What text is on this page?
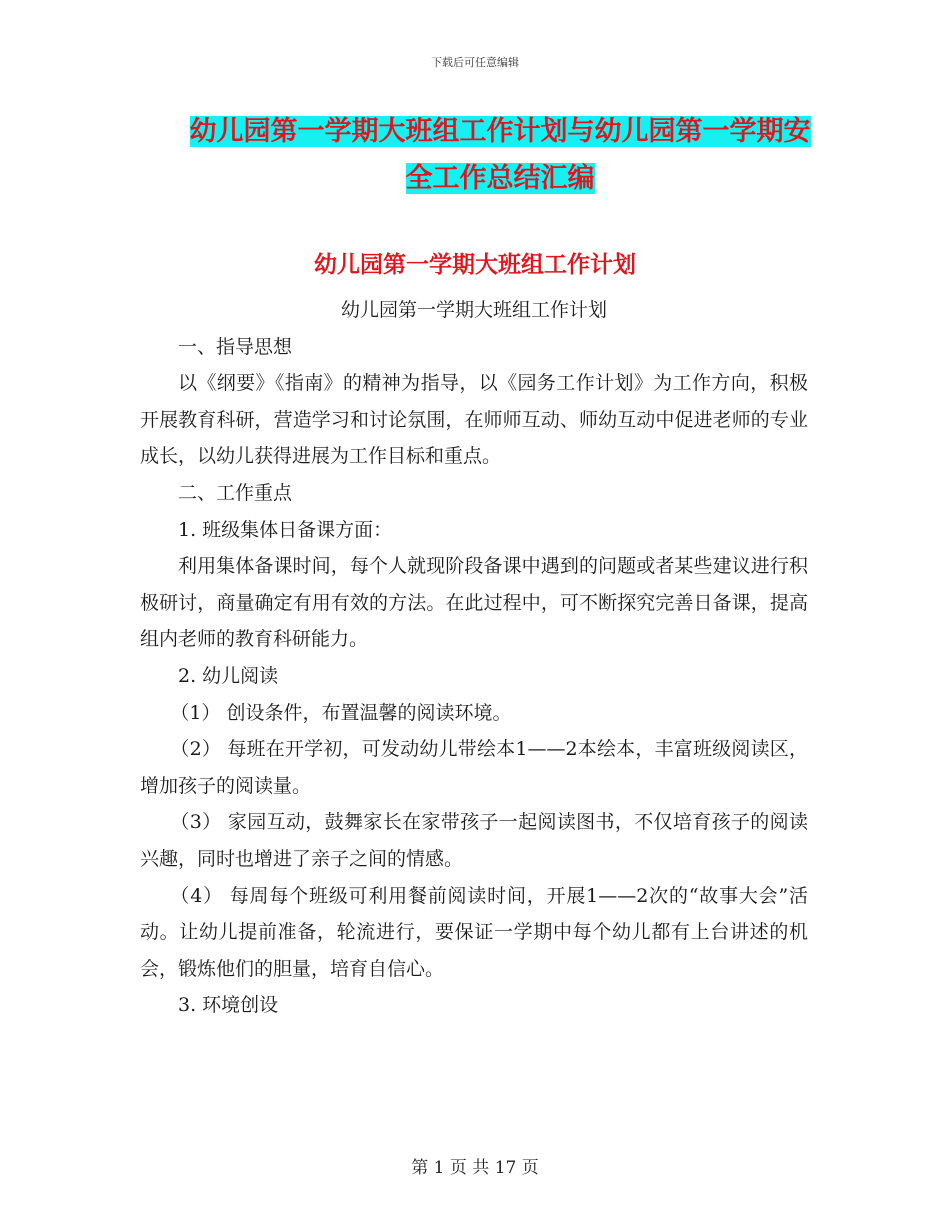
下载后可任意编辑
幼儿园第一学期大班组工作计划与幼儿园第一学期安
全工作总结汇编
幼儿园第一学期大班组工作计划

幼儿园第一学期大班组工作计划

一、指导思想

以《纲要》《指南》的精神为指导，以《园务工作计划》为工作方向，积极开展教育科研，营造学习和讨论氛围，在师师互动、师幼互动中促进老师的专业成长，以幼儿获得进展为工作目标和重点。

二、工作重点

1. 班级集体日备课方面：

利用集体备课时间，每个人就现阶段备课中遇到的问题或者某些建议进行积极研讨，商量确定有用有效的方法。在此过程中，可不断探究完善日备课，提高组内老师的教育科研能力。

2. 幼儿阅读

（1） 创设条件，布置温馨的阅读环境。

（2） 每班在开学初，可发动幼儿带绘本1——2本绘本，丰富班级阅读区，增加孩子的阅读量。

（3） 家园互动，鼓舞家长在家带孩子一起阅读图书，不仅培育孩子的阅读兴趣，同时也增进了亲子之间的情感。

（4） 每周每个班级可利用餐前阅读时间，开展1——2次的“故事大会”活动。让幼儿提前准备，轮流进行，要保证一学期中每个幼儿都有上台讲述的机会，锻炼他们的胆量，培育自信心。

3. 环境创设

第 1 页 共 17 页
